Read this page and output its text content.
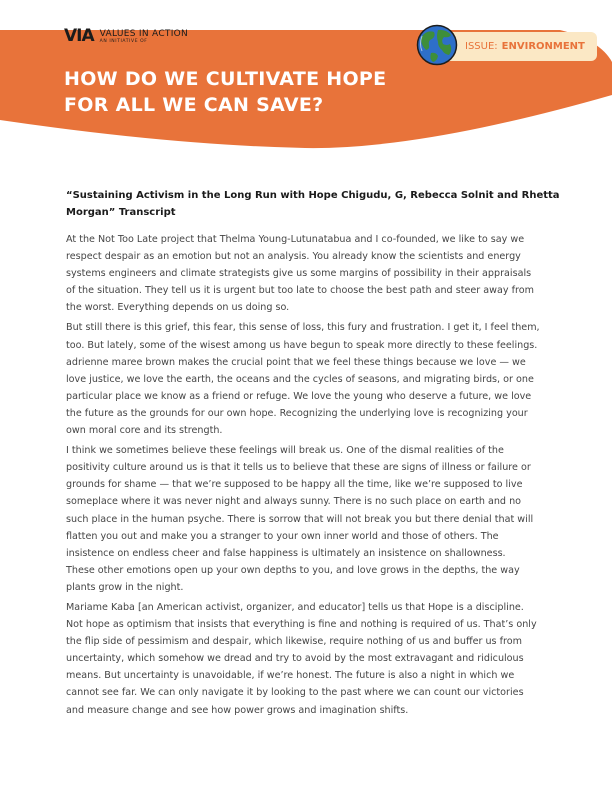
VIA VALUES IN ACTION
AN INITIATIVE OF	ISSUE: ENVIRONMENT
HOW DO WE CULTIVATE HOPE
FOR ALL WE CAN SAVE?
“Sustaining Activism in the Long Run with Hope Chigudu, G, Rebecca Solnit and Rhetta
Morgan” Transcript

At the Not Too Late project that Thelma Young-Lutunatabua and I co-founded, we like to say we
respect despair as an emotion but not an analysis. You already know the scientists and energy
systems engineers and climate strategists give us some margins of possibility in their appraisals
of the situation. They tell us it is urgent but too late to choose the best path and steer away from
the worst. Everything depends on us doing so.

But still there is this grief, this fear, this sense of loss, this fury and frustration. I get it, I feel them,
too. But lately, some of the wisest among us have begun to speak more directly to these feelings.
adrienne maree brown makes the crucial point that we feel these things because we love — we
love justice, we love the earth, the oceans and the cycles of seasons, and migrating birds, or one
particular place we know as a friend or refuge. We love the young who deserve a future, we love
the future as the grounds for our own hope. Recognizing the underlying love is recognizing your
own moral core and its strength.

I think we sometimes believe these feelings will break us. One of the dismal realities of the
positivity culture around us is that it tells us to believe that these are signs of illness or failure or
grounds for shame — that we’re supposed to be happy all the time, like we’re supposed to live
someplace where it was never night and always sunny. There is no such place on earth and no
such place in the human psyche. There is sorrow that will not break you but there denial that will
flatten you out and make you a stranger to your own inner world and those of others. The
insistence on endless cheer and false happiness is ultimately an insistence on shallowness.
These other emotions open up your own depths to you, and love grows in the depths, the way
plants grow in the night.

Mariame Kaba [an American activist, organizer, and educator] tells us that Hope is a discipline.
Not hope as optimism that insists that everything is fine and nothing is required of us. That’s only
the flip side of pessimism and despair, which likewise, require nothing of us and buffer us from
uncertainty, which somehow we dread and try to avoid by the most extravagant and ridiculous
means. But uncertainty is unavoidable, if we’re honest. The future is also a night in which we
cannot see far. We can only navigate it by looking to the past where we can count our victories
and measure change and see how power grows and imagination shifts.
